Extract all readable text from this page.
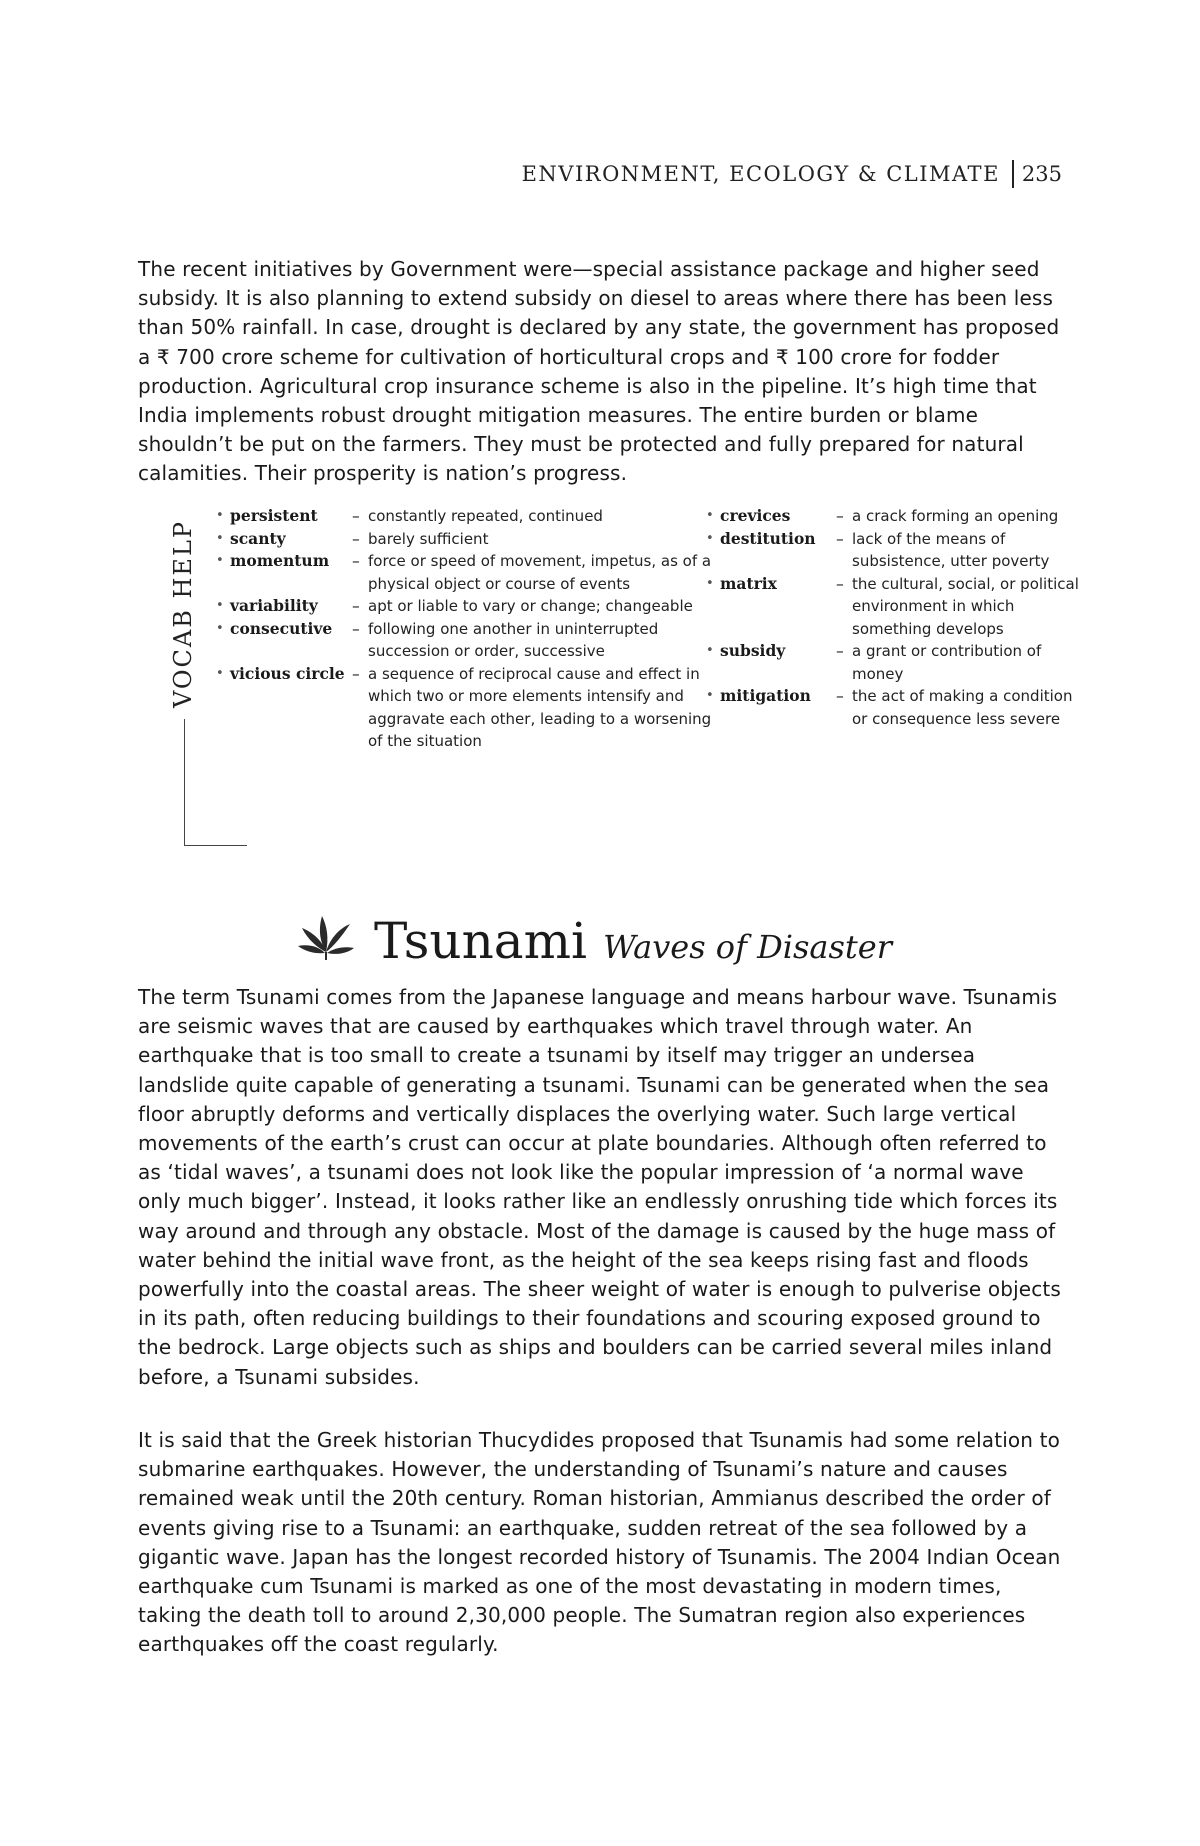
ENVIRONMENT, ECOLOGY & CLIMATE 235

The recent initiatives by Government were—special assistance package and higher seed subsidy. It is also planning to extend subsidy on diesel to areas where there has been less than 50% rainfall. In case, drought is declared by any state, the government has proposed a ₹ 700 crore scheme for cultivation of horticultural crops and ₹ 100 crore for fodder production. Agricultural crop insurance scheme is also in the pipeline. It’s high time that India implements robust drought mitigation measures. The entire burden or blame shouldn’t be put on the farmers. They must be protected and fully prepared for natural calamities. Their prosperity is nation’s progress.

VOCAB HELP
• persistent	– constantly repeated, continued
• scanty	– barely sufficient
• momentum	– force or speed of movement, impetus, as of a physical object or course of events
• variability	– apt or liable to vary or change; changeable
• consecutive	– following one another in uninterrupted succession or order, successive
• vicious circle – a sequence of reciprocal cause and effect in which two or more elements intensify and aggravate each other, leading to a worsening of the situation
• crevices	– a crack forming an opening
• destitution	– lack of the means of subsistence, utter poverty
• matrix	– the cultural, social, or political environment in which something develops
• subsidy	– a grant or contribution of money
• mitigation	– the act of making a condition or consequence less severe
Tsunami Waves of Disaster

The term Tsunami comes from the Japanese language and means harbour wave. Tsunamis are seismic waves that are caused by earthquakes which travel through water. An earthquake that is too small to create a tsunami by itself may trigger an undersea landslide quite capable of generating a tsunami. Tsunami can be generated when the sea floor abruptly deforms and vertically displaces the overlying water. Such large vertical movements of the earth’s crust can occur at plate boundaries. Although often referred to as ‘tidal waves’, a tsunami does not look like the popular impression of ‘a normal wave only much bigger’. Instead, it looks rather like an endlessly onrushing tide which forces its way around and through any obstacle. Most of the damage is caused by the huge mass of water behind the initial wave front, as the height of the sea keeps rising fast and floods powerfully into the coastal areas. The sheer weight of water is enough to pulverise objects in its path, often reducing buildings to their foundations and scouring exposed ground to the bedrock. Large objects such as ships and boulders can be carried several miles inland before, a Tsunami subsides.

It is said that the Greek historian Thucydides proposed that Tsunamis had some relation to submarine earthquakes. However, the understanding of Tsunami’s nature and causes remained weak until the 20th century. Roman historian, Ammianus described the order of events giving rise to a Tsunami: an earthquake, sudden retreat of the sea followed by a gigantic wave. Japan has the longest recorded history of Tsunamis. The 2004 Indian Ocean earthquake cum Tsunami is marked as one of the most devastating in modern times, taking the death toll to around 2,30,000 people. The Sumatran region also experiences earthquakes off the coast regularly.
